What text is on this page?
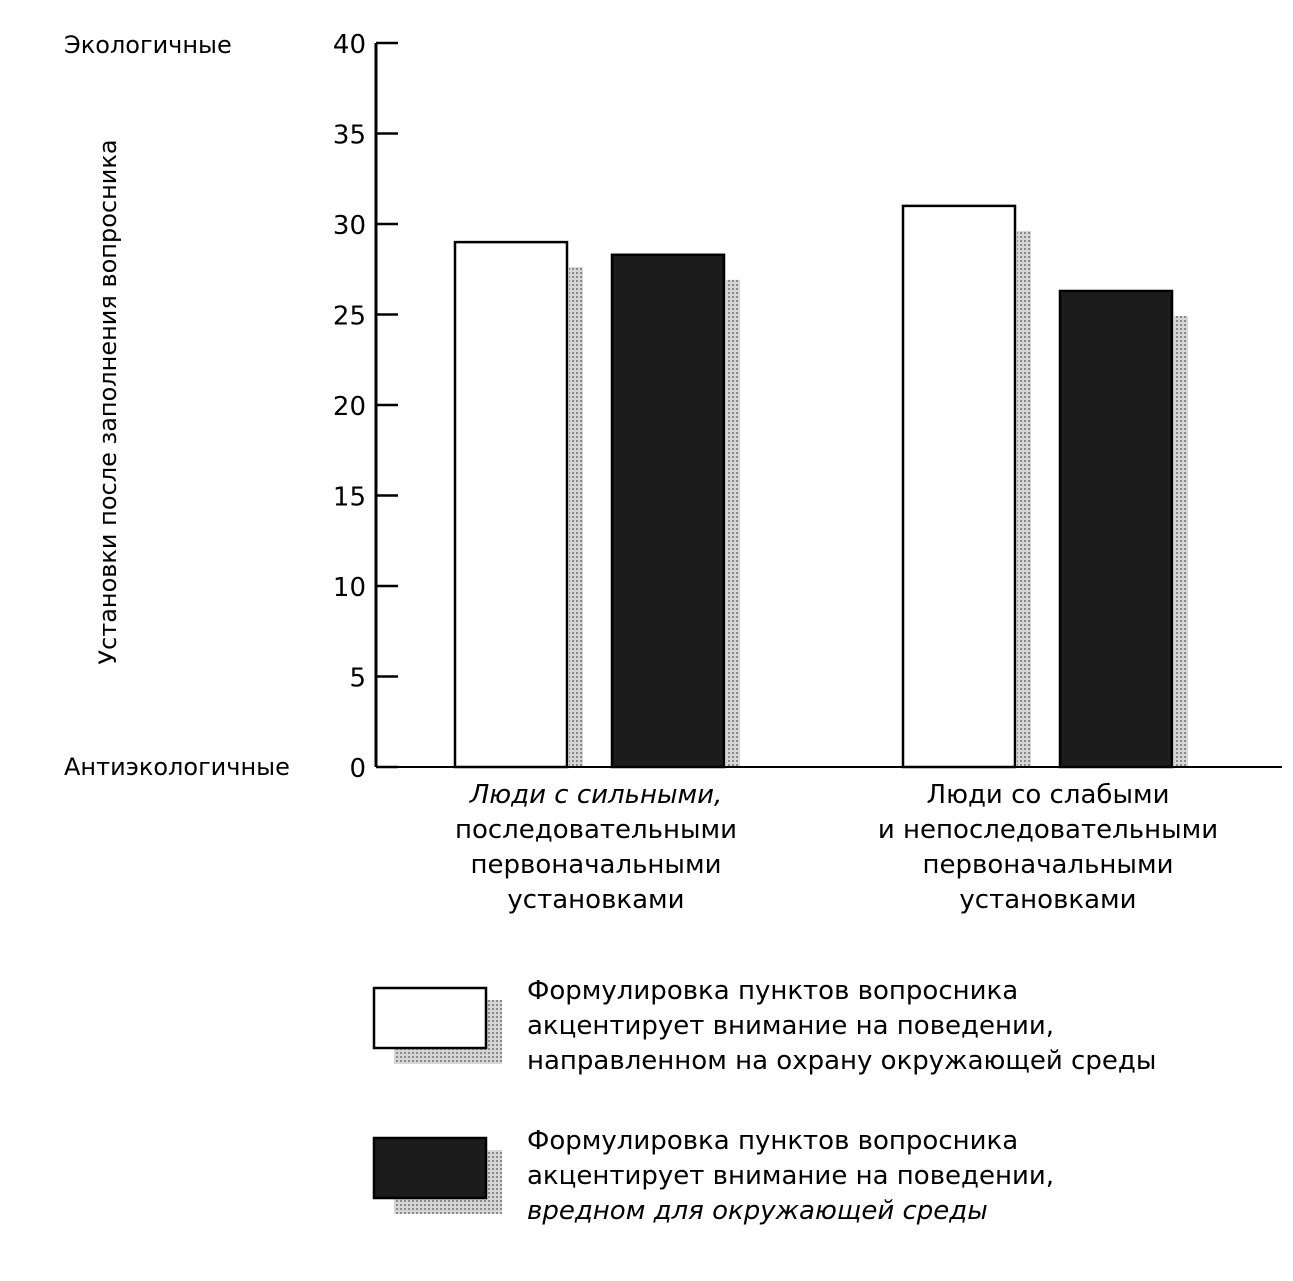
0
5
10
15
20
25
30
35
40
Установки после заполнения вопросника
Экологичные
Антиэкологичные
Люди с сильными,
последовательными
первоначальными
установками
Люди со слабыми
и непоследовательными
первоначальными
установками
Формулировка пунктов вопросника
акцентирует внимание на поведении,
направленном на охрану окружающей среды
Формулировка пунктов вопросника
акцентирует внимание на поведении,
вредном для окружающей среды
